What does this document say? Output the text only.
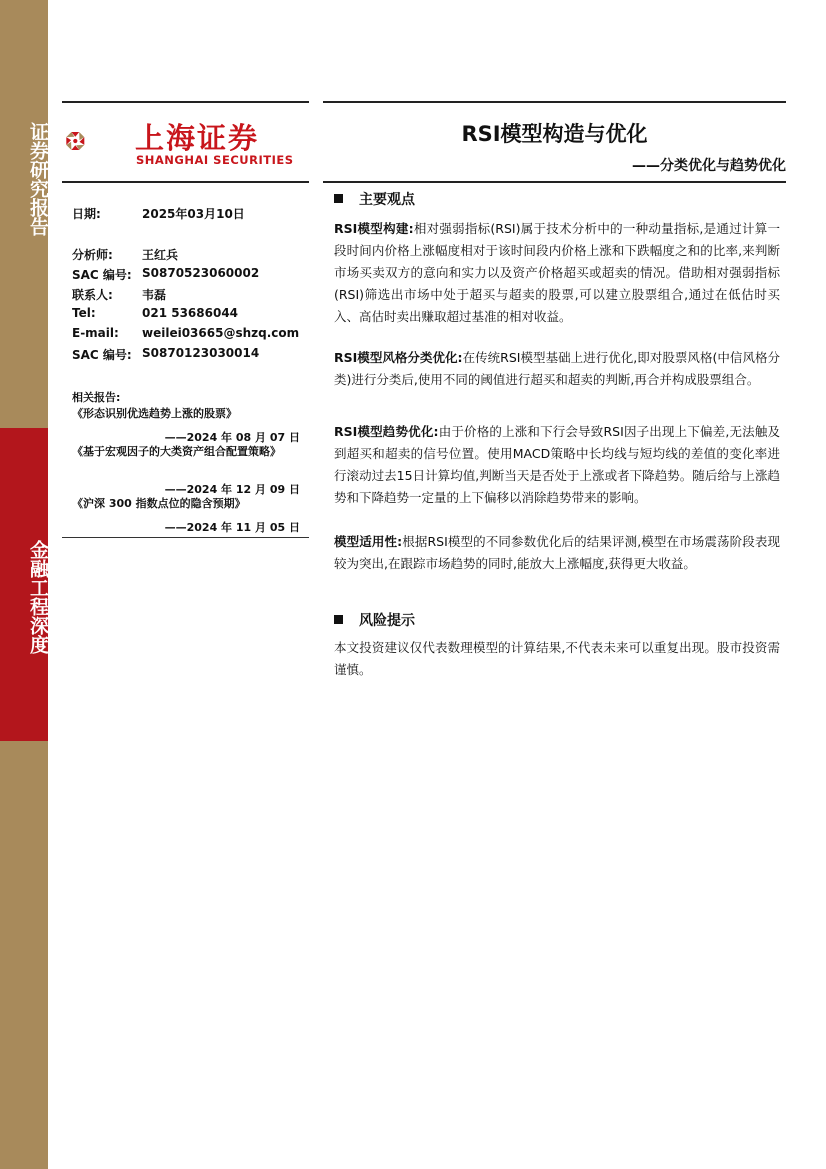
证券研究报告
金融工程深度
上海证券
SHANGHAI SECURITIES
RSI模型构造与优化
——分类优化与趋势优化
日期:	2025年03月10日
分析师: 王红兵
SAC 编号: S0870523060002
联系人: 韦磊
Tel:	021 53686044
E-mail: weilei03665@shzq.com
SAC 编号: S0870123030014
相关报告:
《形态识别优选趋势上涨的股票》
——2024 年 08 月 07 日
《基于宏观因子的大类资产组合配置策略》
——2024 年 12 月 09 日
《沪深 300 指数点位的隐含预期》
——2024 年 11 月 05 日
主要观点
RSI模型构建:相对强弱指标(RSI)属于技术分析中的一种动量指标,是通过计算一段时间内价格上涨幅度相对于该时间段内价格上涨和下跌幅度之和的比率,来判断市场买卖双方的意向和实力以及资产价格超买或超卖的情况。借助相对强弱指标(RSI)筛选出市场中处于超买与超卖的股票,可以建立股票组合,通过在低估时买入、高估时卖出赚取超过基准的相对收益。
RSI模型风格分类优化:在传统RSI模型基础上进行优化,即对股票风格(中信风格分类)进行分类后,使用不同的阈值进行超买和超卖的判断,再合并构成股票组合。
RSI模型趋势优化:由于价格的上涨和下行会导致RSI因子出现上下偏差,无法触及到超买和超卖的信号位置。使用MACD策略中长均线与短均线的差值的变化率进行滚动过去15日计算均值,判断当天是否处于上涨或者下降趋势。随后给与上涨趋势和下降趋势一定量的上下偏移以消除趋势带来的影响。
模型适用性:根据RSI模型的不同参数优化后的结果评测,模型在市场震荡阶段表现较为突出,在跟踪市场趋势的同时,能放大上涨幅度,获得更大收益。
风险提示
本文投资建议仅代表数理模型的计算结果,不代表未来可以重复出现。股市投资需谨慎。
